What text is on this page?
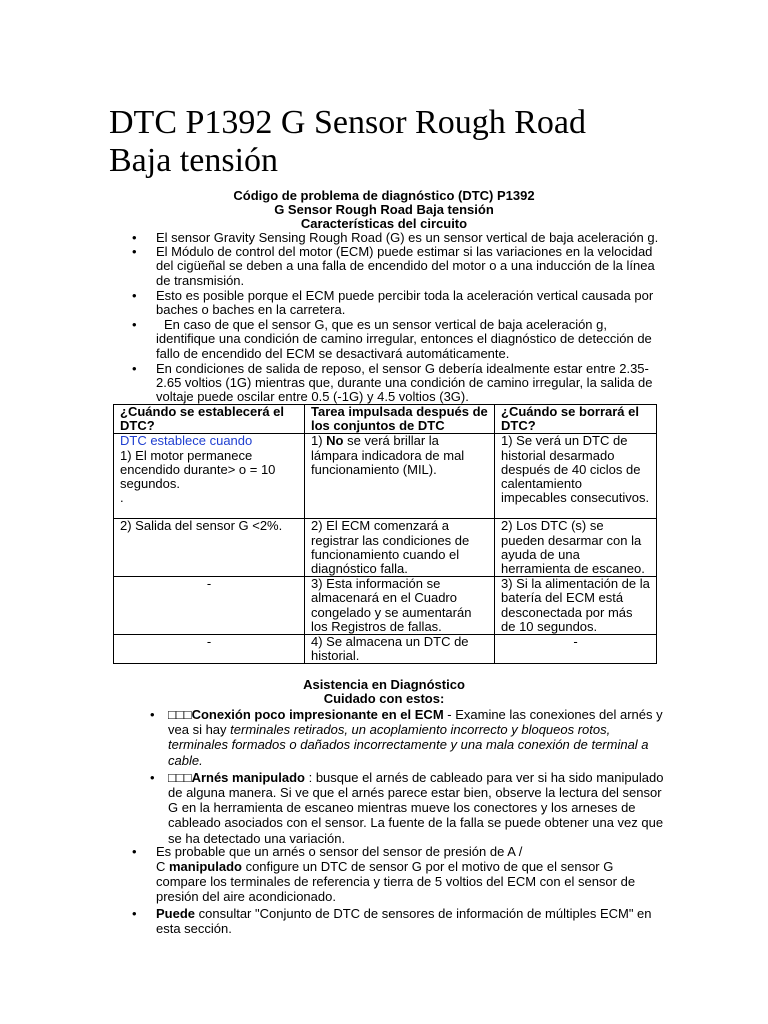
DTC P1392 G Sensor Rough Road
Baja tensión
Código de problema de diagnóstico (DTC) P1392
G Sensor Rough Road Baja tensión
Características del circuito
• El sensor Gravity Sensing Rough Road (G) es un sensor vertical de baja aceleración g.
• El Módulo de control del motor (ECM) puede estimar si las variaciones en la velocidad del cigüeñal se deben a una falla de encendido del motor o a una inducción de la línea de transmisión.
• Esto es posible porque el ECM puede percibir toda la aceleración vertical causada por baches o baches en la carretera.
• En caso de que el sensor G, que es un sensor vertical de baja aceleración g, identifique una condición de camino irregular, entonces el diagnóstico de detección de fallo de encendido del ECM se desactivará automáticamente.
• En condiciones de salida de reposo, el sensor G debería idealmente estar entre 2.35-2.65 voltios (1G) mientras que, durante una condición de camino irregular, la salida de voltaje puede oscilar entre 0.5 (-1G) y 4.5 voltios (3G).
¿Cuándo se establecerá el DTC?	Tarea impulsada después de los conjuntos de DTC	¿Cuándo se borrará el DTC?

DTC establece cuando
1) El motor permanece encendido durante> o = 10 segundos.
.	1) No se verá brillar la lámpara indicadora de mal funcionamiento (MIL).	1) Se verá un DTC de historial desarmado después de 40 ciclos de calentamiento impecables consecutivos.
2) Salida del sensor G <2%.	2) El ECM comenzará a registrar las condiciones de funcionamiento cuando el diagnóstico falla.	2) Los DTC (s) se pueden desarmar con la ayuda de una herramienta de escaneo.
-	3) Esta información se almacenará en el Cuadro congelado y se aumentarán los Registros de fallas.	3) Si la alimentación de la batería del ECM está desconectada por más de 10 segundos.
-	4) Se almacena un DTC de historial.	-
Asistencia en Diagnóstico
Cuidado con estos:
• □□□Conexión poco impresionante en el ECM - Examine las conexiones del arnés y vea si hay terminales retirados, un acoplamiento incorrecto y bloqueos rotos, terminales formados o dañados incorrectamente y una mala conexión de terminal a cable.
• □□□Arnés manipulado : busque el arnés de cableado para ver si ha sido manipulado de alguna manera. Si ve que el arnés parece estar bien, observe la lectura del sensor G en la herramienta de escaneo mientras mueve los conectores y los arneses de cableado asociados con el sensor. La fuente de la falla se puede obtener una vez que se ha detectado una variación.
• Es probable que un arnés o sensor del sensor de presión de A /
C manipulado configure un DTC de sensor G por el motivo de que el sensor G compare los terminales de referencia y tierra de 5 voltios del ECM con el sensor de presión del aire acondicionado.
• Puede consultar "Conjunto de DTC de sensores de información de múltiples ECM" en esta sección.
